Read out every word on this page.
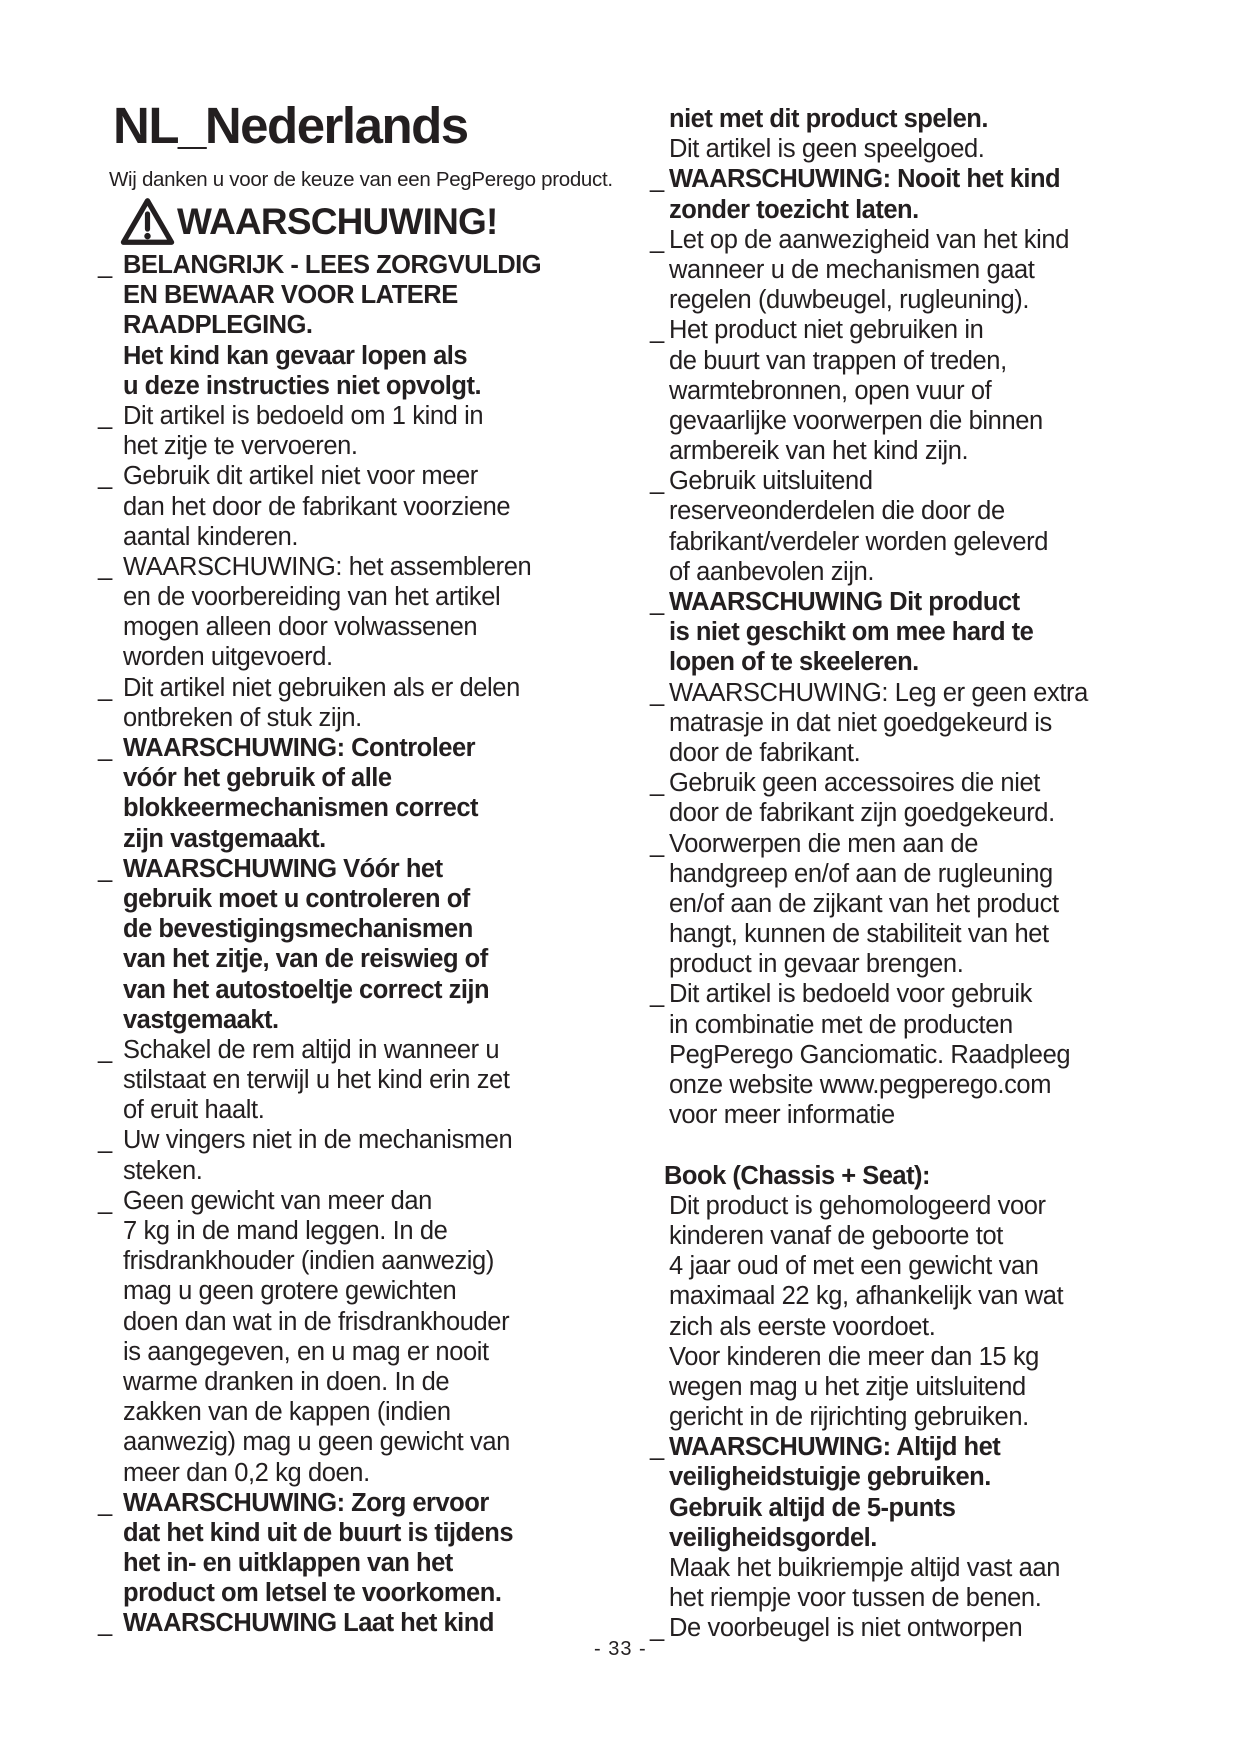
NL_Nederlands
Wij danken u voor de keuze van een PegPerego product.
WAARSCHUWING!
_ BELANGRIJK - LEES ZORGVULDIG
EN BEWAAR VOOR LATERE
RAADPLEGING.
Het kind kan gevaar lopen als
u deze instructies niet opvolgt.
_ Dit artikel is bedoeld om 1 kind in
het zitje te vervoeren.
_ Gebruik dit artikel niet voor meer
dan het door de fabrikant voorziene
aantal kinderen.
_ WAARSCHUWING: het assembleren
en de voorbereiding van het artikel
mogen alleen door volwassenen
worden uitgevoerd.
_ Dit artikel niet gebruiken als er delen
ontbreken of stuk zijn.
_ WAARSCHUWING: Controleer
vóór het gebruik of alle
blokkeermechanismen correct
zijn vastgemaakt.
_ WAARSCHUWING Vóór het
gebruik moet u controleren of
de bevestigingsmechanismen
van het zitje, van de reiswieg of
van het autostoeltje correct zijn
vastgemaakt.
_ Schakel de rem altijd in wanneer u
stilstaat en terwijl u het kind erin zet
of eruit haalt.
_ Uw vingers niet in de mechanismen
steken.
_ Geen gewicht van meer dan
7 kg in de mand leggen. In de
frisdrankhouder (indien aanwezig)
mag u geen grotere gewichten
doen dan wat in de frisdrankhouder
is aangegeven, en u mag er nooit
warme dranken in doen. In de
zakken van de kappen (indien
aanwezig) mag u geen gewicht van
meer dan 0,2 kg doen.
_ WAARSCHUWING: Zorg ervoor
dat het kind uit de buurt is tijdens
het in- en uitklappen van het
product om letsel te voorkomen.
_ WAARSCHUWING Laat het kind
niet met dit product spelen.
Dit artikel is geen speelgoed.
_ WAARSCHUWING: Nooit het kind
zonder toezicht laten.
_ Let op de aanwezigheid van het kind
wanneer u de mechanismen gaat
regelen (duwbeugel, rugleuning).
_ Het product niet gebruiken in
de buurt van trappen of treden,
warmtebronnen, open vuur of
gevaarlijke voorwerpen die binnen
armbereik van het kind zijn.
_ Gebruik uitsluitend
reserveonderdelen die door de
fabrikant/verdeler worden geleverd
of aanbevolen zijn.
_ WAARSCHUWING Dit product
is niet geschikt om mee hard te
lopen of te skeeleren.
_ WAARSCHUWING: Leg er geen extra
matrasje in dat niet goedgekeurd is
door de fabrikant.
_ Gebruik geen accessoires die niet
door de fabrikant zijn goedgekeurd.
_ Voorwerpen die men aan de
handgreep en/of aan de rugleuning
en/of aan de zijkant van het product
hangt, kunnen de stabiliteit van het
product in gevaar brengen.
_ Dit artikel is bedoeld voor gebruik
in combinatie met de producten
PegPerego Ganciomatic. Raadpleeg
onze website www.pegperego.com
voor meer informatie
Book (Chassis + Seat):
Dit product is gehomologeerd voor
kinderen vanaf de geboorte tot
4 jaar oud of met een gewicht van
maximaal 22 kg, afhankelijk van wat
zich als eerste voordoet.
Voor kinderen die meer dan 15 kg
wegen mag u het zitje uitsluitend
gericht in de rijrichting gebruiken.
_ WAARSCHUWING: Altijd het
veiligheidstuigje gebruiken.
Gebruik altijd de 5-punts
veiligheidsgordel.
Maak het buikriempje altijd vast aan
het riempje voor tussen de benen.
_ De voorbeugel is niet ontworpen
- 33 -
